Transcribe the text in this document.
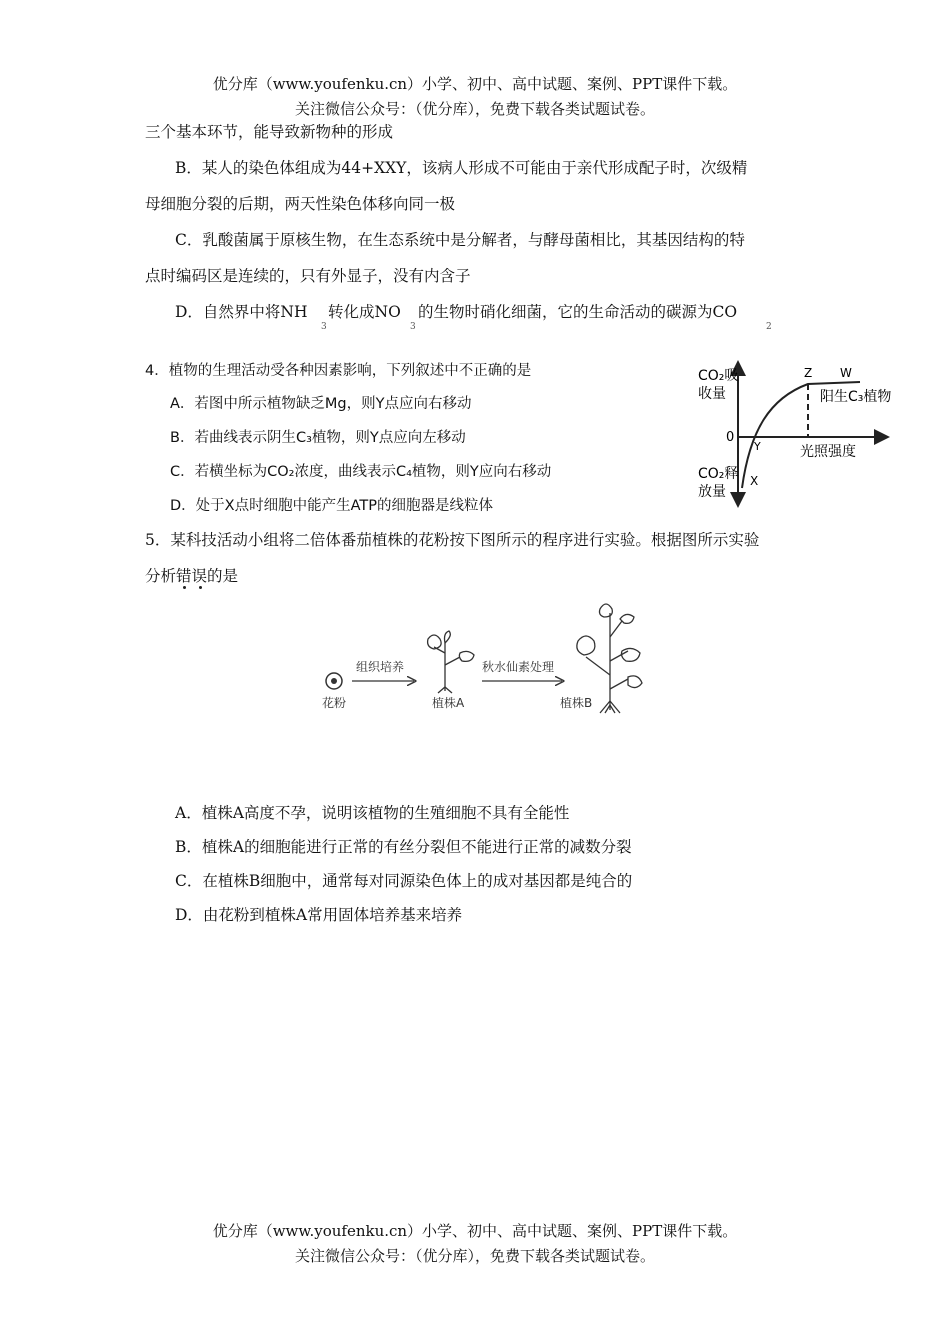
优分库（www.youfenku.cn）小学、初中、高中试题、案例、PPT课件下载。
关注微信公众号：（优分库），免费下载各类试题试卷。
三个基本环节，能导致新物种的形成
B．某人的染色体组成为44+XXY，该病人形成不可能由于亲代形成配子时，次级精
母细胞分裂的后期，两天性染色体移向同一极
C．乳酸菌属于原核生物，在生态系统中是分解者，与酵母菌相比，其基因结构的特
点时编码区是连续的，只有外显子，没有内含子
D．自然界中将NH 转化成NO 的生物时硝化细菌，它的生命活动的碳源为CO
3	3	2
4．植物的生理活动受各种因素影响，下列叙述中不正确的是
A．若图中所示植物缺乏Mg，则Y点应向右移动
B．若曲线表示阴生C₃植物，则Y点应向左移动
C．若横坐标为CO₂浓度，曲线表示C₄植物，则Y应向右移动
D．处于X点时细胞中能产生ATP的细胞器是线粒体
CO₂吸
收量
CO₂释
放量
0
光照强度
Z W
Y
X
阳生C₃植物
5．某科技活动小组将二倍体番茄植株的花粉按下图所示的程序进行实验。根据图所示实验
分析错误的是
花粉
组织培养
植株A
秋水仙素处理
植株B
A．植株A高度不孕，说明该植物的生殖细胞不具有全能性
B．植株A的细胞能进行正常的有丝分裂但不能进行正常的减数分裂
C．在植株B细胞中，通常每对同源染色体上的成对基因都是纯合的
D．由花粉到植株A常用固体培养基来培养
优分库（www.youfenku.cn）小学、初中、高中试题、案例、PPT课件下载。
关注微信公众号：（优分库），免费下载各类试题试卷。
